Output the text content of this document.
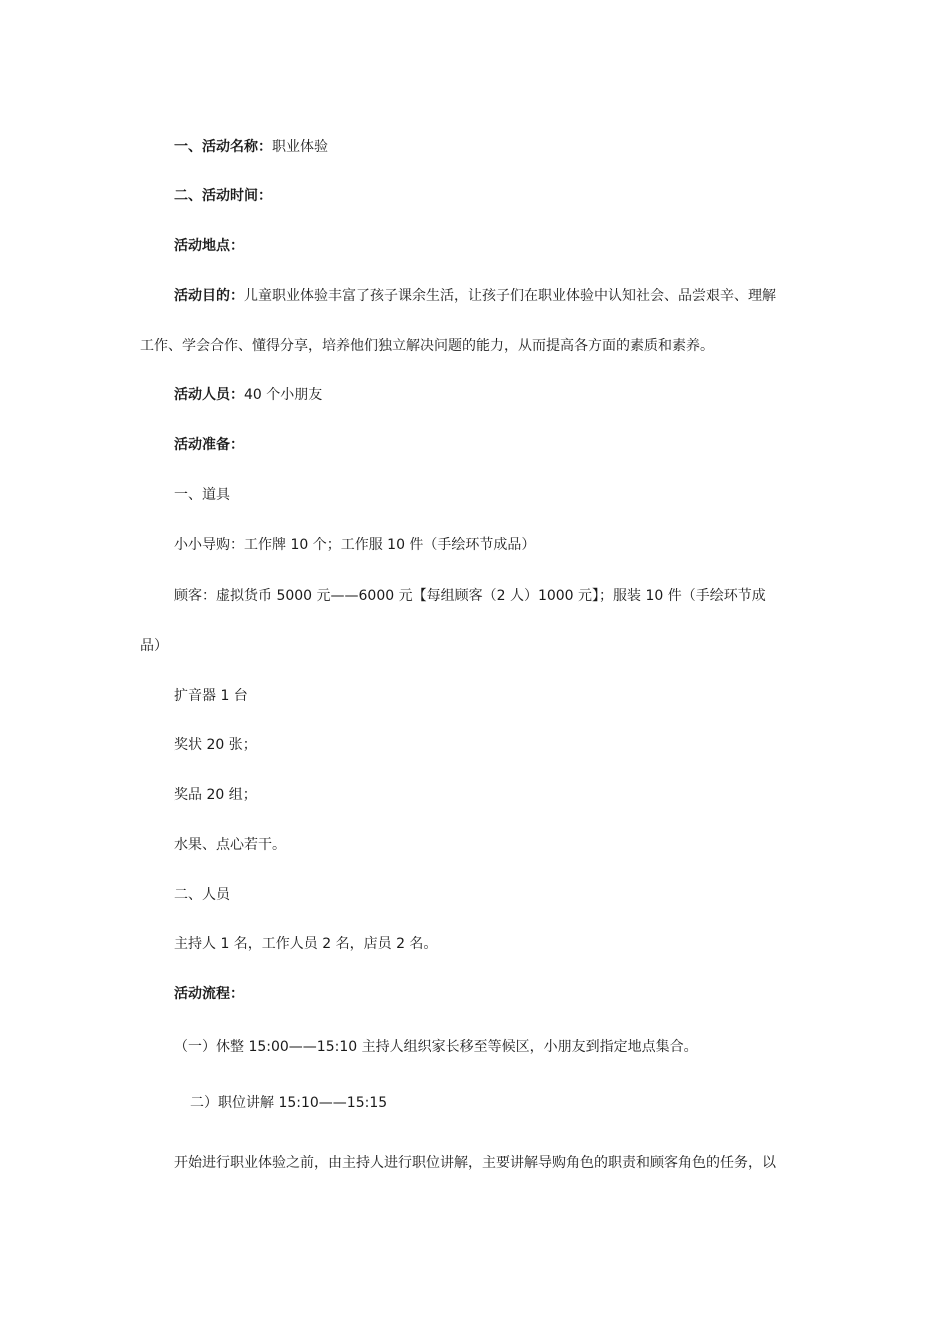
一、活动名称：职业体验
二、活动时间：
活动地点：
活动目的：儿童职业体验丰富了孩子课余生活，让孩子们在职业体验中认知社会、品尝艰辛、理解
工作、学会合作、懂得分享，培养他们独立解决问题的能力，从而提高各方面的素质和素养。
活动人员：40 个小朋友
活动准备：
一、道具
小小导购：工作牌 10 个；工作服 10 件（手绘环节成品）
顾客：虚拟货币 5000 元——6000 元【每组顾客（2 人）1000 元】；服装 10 件（手绘环节成
品）
扩音器 1 台
奖状 20 张；
奖品 20 组；
水果、点心若干。
二、人员
主持人 1 名，工作人员 2 名，店员 2 名。
活动流程：
（一）休整 15:00——15:10 主持人组织家长移至等候区，小朋友到指定地点集合。
二）职位讲解 15:10——15:15
开始进行职业体验之前，由主持人进行职位讲解，主要讲解导购角色的职责和顾客角色的任务，以
